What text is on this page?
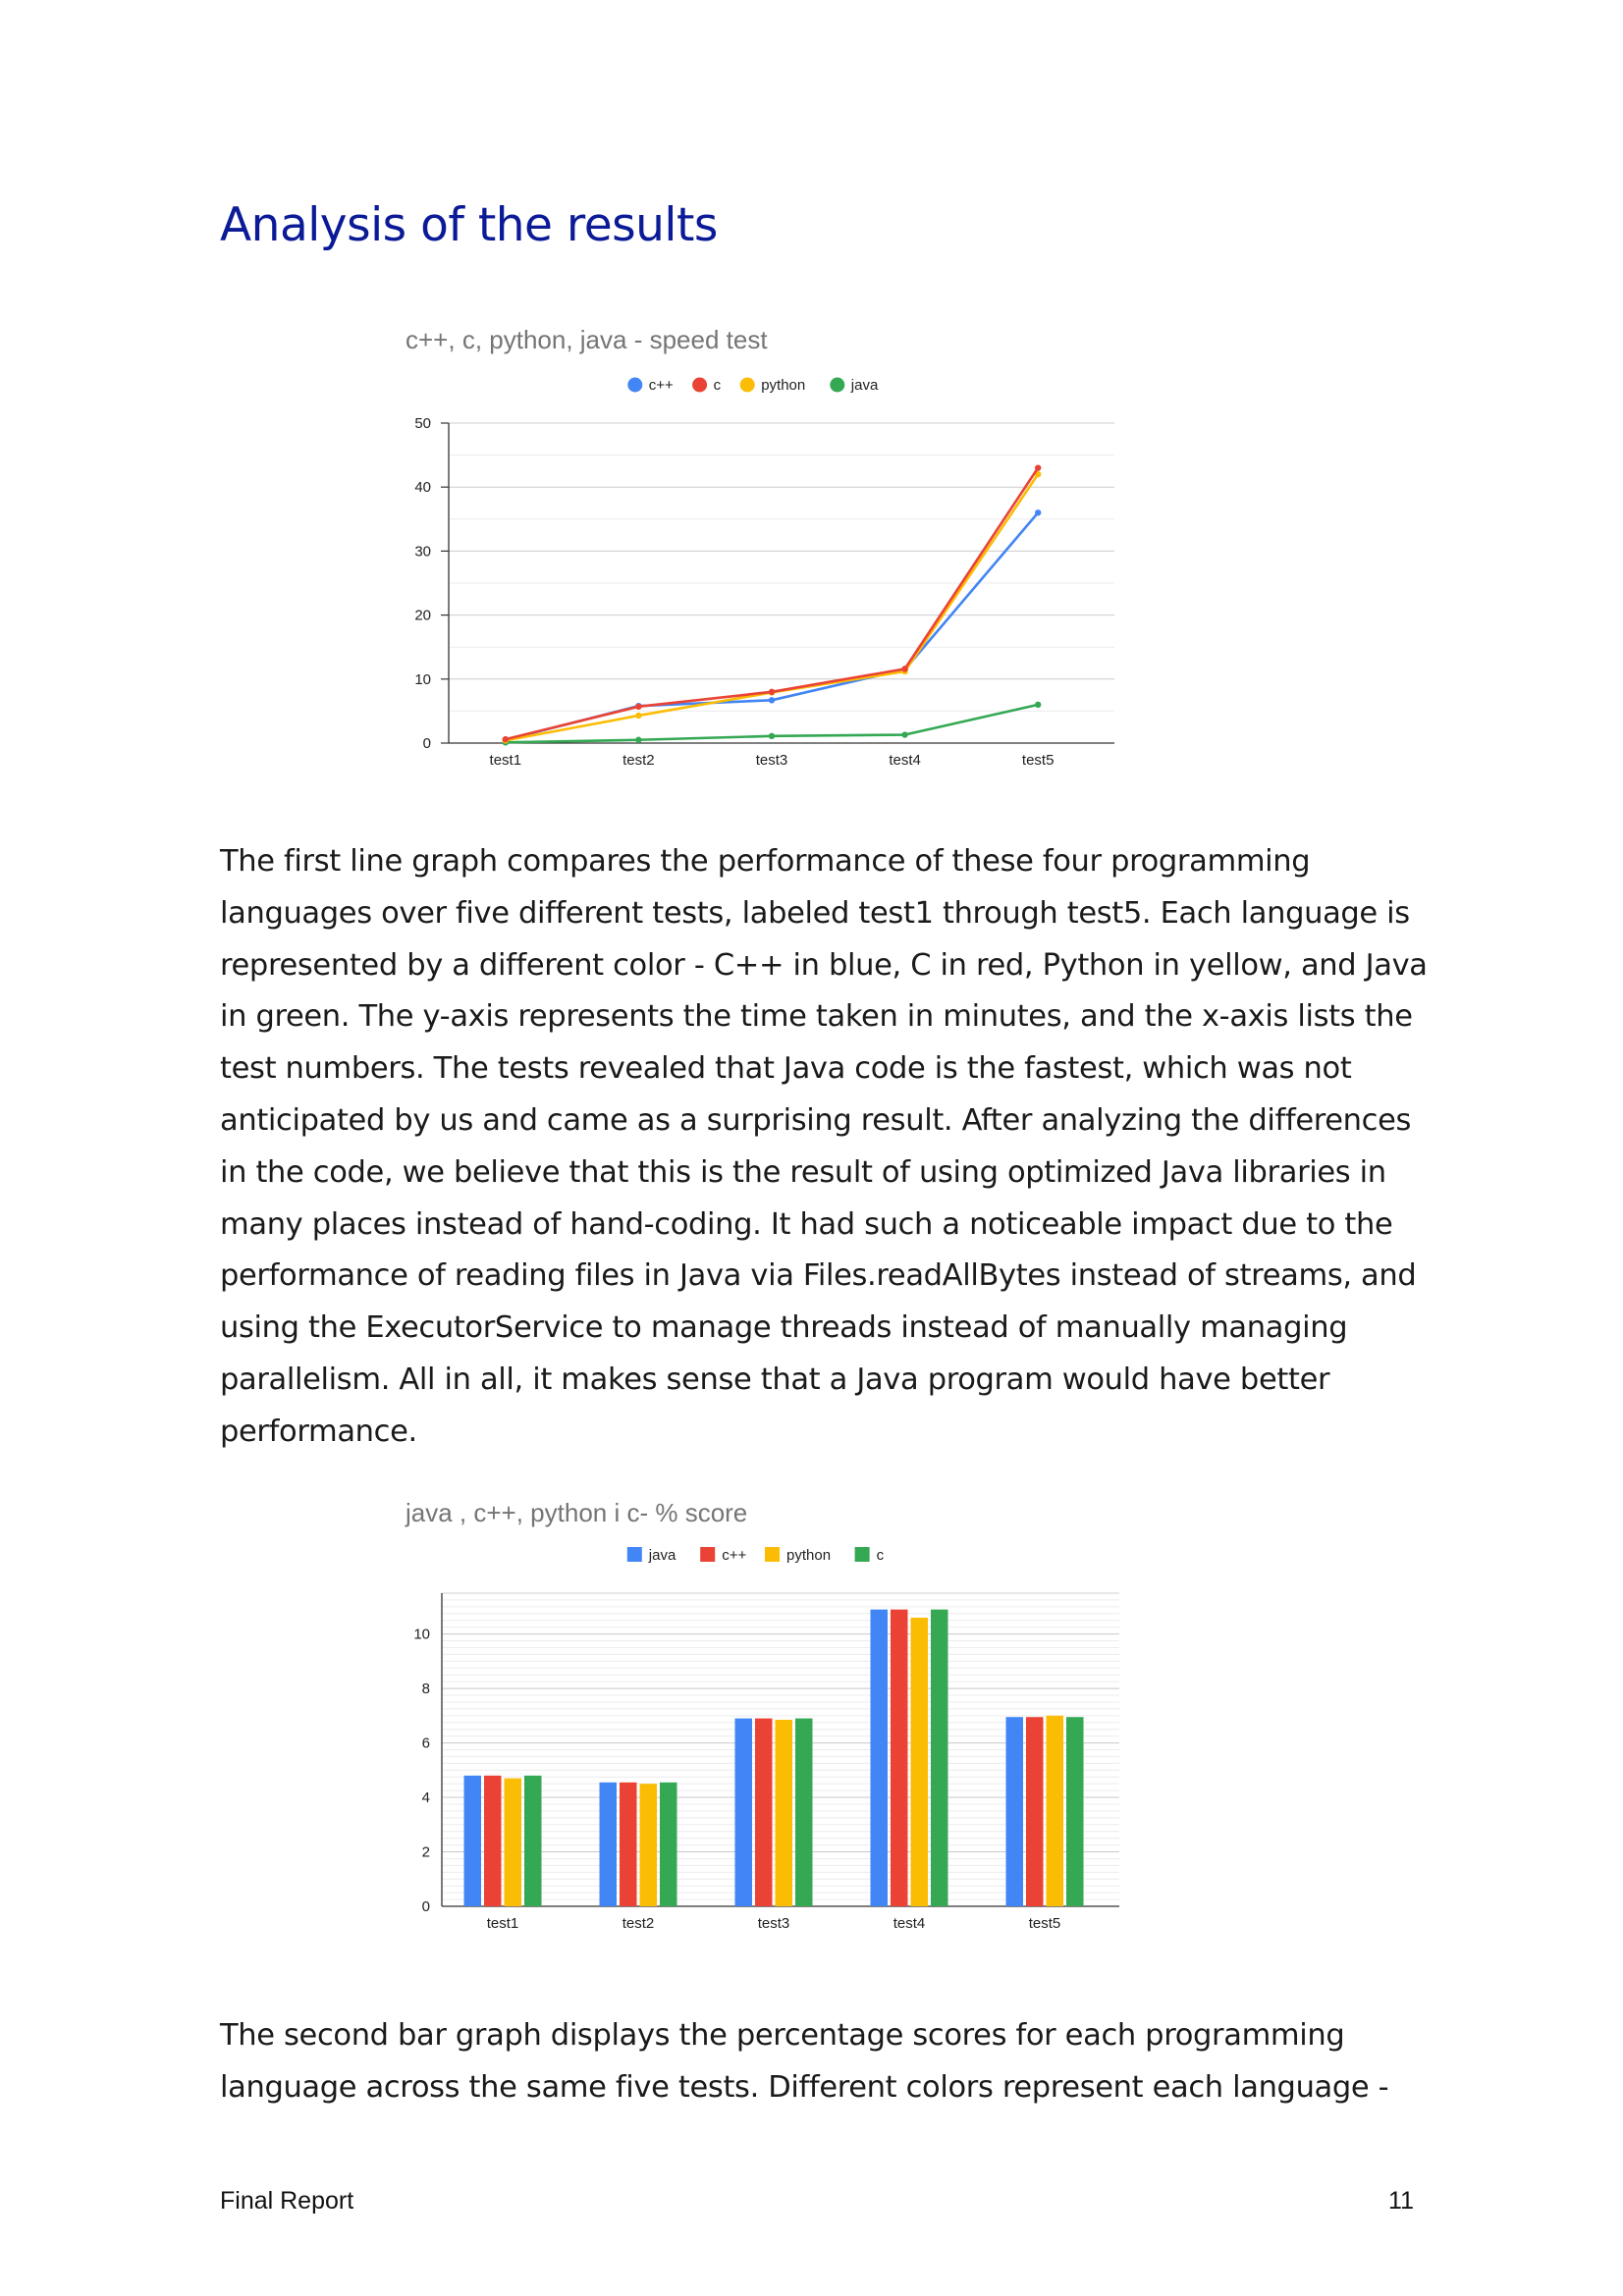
Analysis of the results
c++, c, python, java - speed test
c++	c	python	java
0
10
20
30
40
50
test1	test2	test3	test4	test5

The first line graph compares the performance of these four programming languages over five different tests, labeled test1 through test5. Each language is represented by a different color - C++ in blue, C in red, Python in yellow, and Java in green. The y-axis represents the time taken in minutes, and the x-axis lists the test numbers. The tests revealed that Java code is the fastest, which was not anticipated by us and came as a surprising result. After analyzing the differences in the code, we believe that this is the result of using optimized Java libraries in many places instead of hand-coding. It had such a noticeable impact due to the performance of reading files in Java via Files.readAllBytes instead of streams, and using the ExecutorService to manage threads instead of manually managing parallelism. All in all, it makes sense that a Java program would have better performance.

java , c++, python i c- % score
java	c++	python	c
0
2
4
6
8
10
test1	test2	test3	test4	test5

The second bar graph displays the percentage scores for each programming language across the same five tests. Different colors represent each language -

Final Report	11
